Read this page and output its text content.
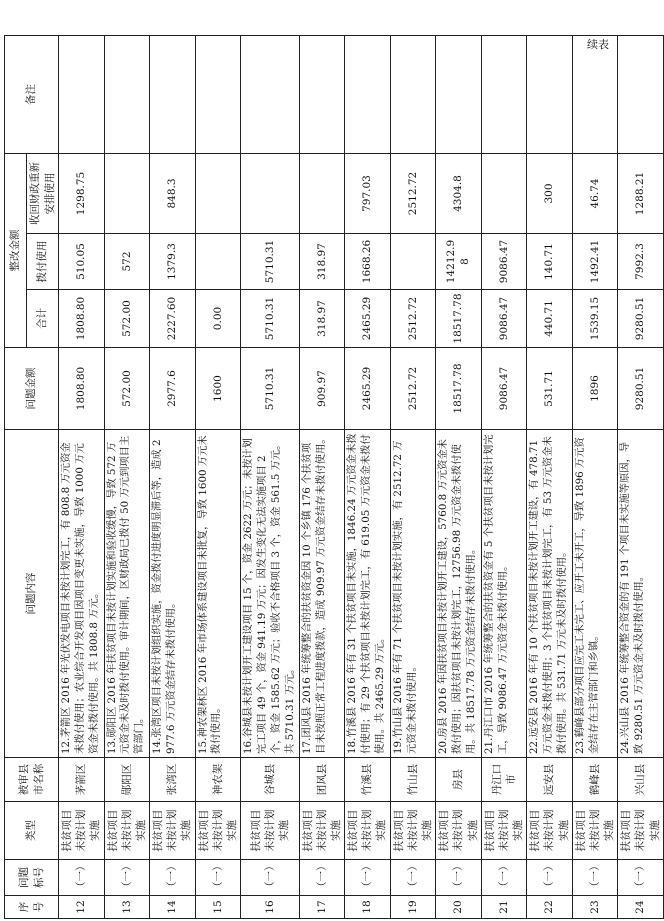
续表
序号	问题标号	类型	被审县市名称	问题内容	问题金额	整改金额			备注
						合计	拨付使用	收回财政重新安排使用	
12	（一）	扶贫项目未按计划实施	茅箭区	12.茅箭区 2016 年光伏发电项目未按计划完工，有 808.8 万元资金未拨付使用；农业综合开发项目因项目变更未实施，导致 1000 万元资金未拨付使用。共 1808.8 万元。	1808.80	1808.80	510.05	1298.75	
13	（一）	扶贫项目未按计划实施	郧阳区	13.郧阳区 2016 年扶贫项目未按计划实施和验收缓慢，导致 572 万元资金未及时拨付使用。审计期间，区财政局已拨付 50 万元到项目主管部门。	572.00	572.00	572		
14	（一）	扶贫项目未按计划实施	张湾区	14.张湾区项目未按计划组织实施，资金拨付进度明显滞后等，造成 2977.6 万元资金结存未拨付使用。	2977.6	2227.60	1379.3	848.3	
15	（一）	扶贫项目未按计划实施	神农架	15.神农架林区 2016 年市场体系建设项目未批复，导致 1600 万元未拨付使用。	1600	0.00			
16	（一）	扶贫项目未按计划实施	谷城县	16.谷城县未按计划开工建设项目 15 个，资金 2622 万元；未按计划完工项目 49 个，资金 941.19 万元；因发生变化无法实施项目 2 个，资金 1585.62 万元；验收不合格项目 3 个，资金 561.5 万元。共 5710.31 万元。	5710.31	5710.31	5710.31		
17	（一）	扶贫项目未按计划实施	团风县	17.团风县 2016 年统筹整合的扶贫资金因 10 个乡镇 176 个扶贫项目未按照正常工程进度拨款，造成 909.97 万元资金结存未拨付使用。	909.97	318.97	318.97		
18	（一）	扶贫项目未按计划实施	竹溪县	18.竹溪县 2016 年有 31 个扶贫项目未实施，1846.24 万元资金未拨付使用；有 29 个扶贫项目未按计划完工，有 619.05 万元资金未拨付使用。共 2465.29 万元。	2465.29	2465.29	1668.26	797.03	
19	（一）	扶贫项目未按计划实施	竹山县	19.竹山县 2016 年有 71 个扶贫项目未按计划实施，有 2512.72 万元资金未拨付使用。	2512.72	2512.72		2512.72	
20	（一）	扶贫项目未按计划实施	房县	20.房县 2016 年因扶贫项目未按计划开工建设，5760.8 万元资金未拨付使用；因扶贫项目未按计划完工，12756.98 万元资金未拨付使用。共 18517.78 万元资金结存未拨付使用。	18517.78	18517.78	14212.98	4304.8	
21	（一）	扶贫项目未按计划实施	丹江口市	21.丹江口市 2016 年统筹整合的扶贫资金有 5 个扶贫项目未按计划完工，导致 9086.47 万元资金未拨付使用。	9086.47	9086.47	9086.47		
22	（一）	扶贫项目未按计划实施	远安县	22.远安县 2016 年有 10 个扶贫项目未按计划开工建设，有 478.71 万元资金未拨付使用；3 个扶贫项目未按计划完工，有 53 万元资金未拨付使用。共 531.71 万元未及时拨付使用。	531.71	440.71	140.71	300	
23	（一）	扶贫项目未按计划实施	鹤峰县	23.鹤峰县部分项目应完工未完工、应开工未开工，导致 1896 万元资金结存在主管部门和乡镇。	1896	1539.15	1492.41	46.74	
24	（一）	扶贫项目未按计划实施	兴山县	24.兴山县 2016 年统筹整合资金的有 191 个项目未实施等原因，导致 9280.51 万元资金未及时拨付使用。	9280.51	9280.51	7992.3	1288.21	
